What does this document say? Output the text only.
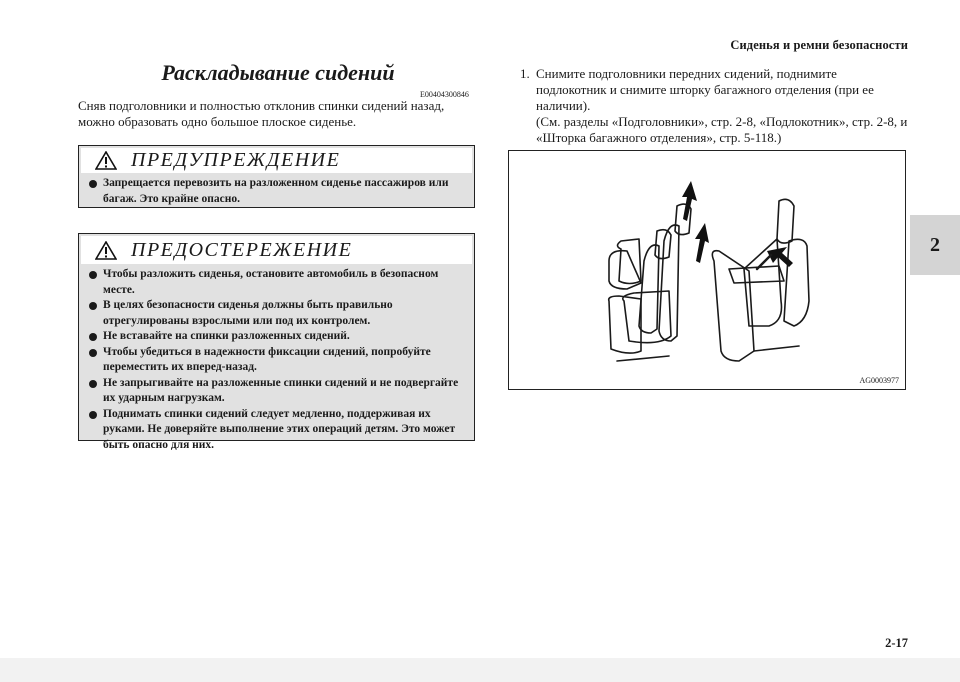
Сиденья и ремни безопасности
2
Раскладывание сидений
E00404300846
Сняв подголовники и полностью отклонив спинки сидений назад, можно образовать одно большое плоское сиденье.
ПРЕДУПРЕЖДЕНИЕ
Запрещается перевозить на разложенном сиденье пассажиров или багаж. Это крайне опасно.
ПРЕДОСТЕРЕЖЕНИЕ
Чтобы разложить сиденья, остановите автомобиль в безопасном месте.
В целях безопасности сиденья должны быть правильно отрегулированы взрослыми или под их контролем.
Не вставайте на спинки разложенных сидений.
Чтобы убедиться в надежности фиксации сидений, попробуйте переместить их вперед-назад.
Не запрыгивайте на разложенные спинки сидений и не подвергайте их ударным нагрузкам.
Поднимать спинки сидений следует медленно, поддерживая их руками. Не доверяйте выполнение этих операций детям. Это может быть опасно для них.
1. Снимите подголовники передних сидений, поднимите подлокотник и снимите шторку багажного отделения (при ее наличии).
(См. разделы «Подголовники», стр. 2-8, «Подлокотник», стр. 2-8, и «Шторка багажного отделения», стр. 5-118.)
AG0003977
2-17
